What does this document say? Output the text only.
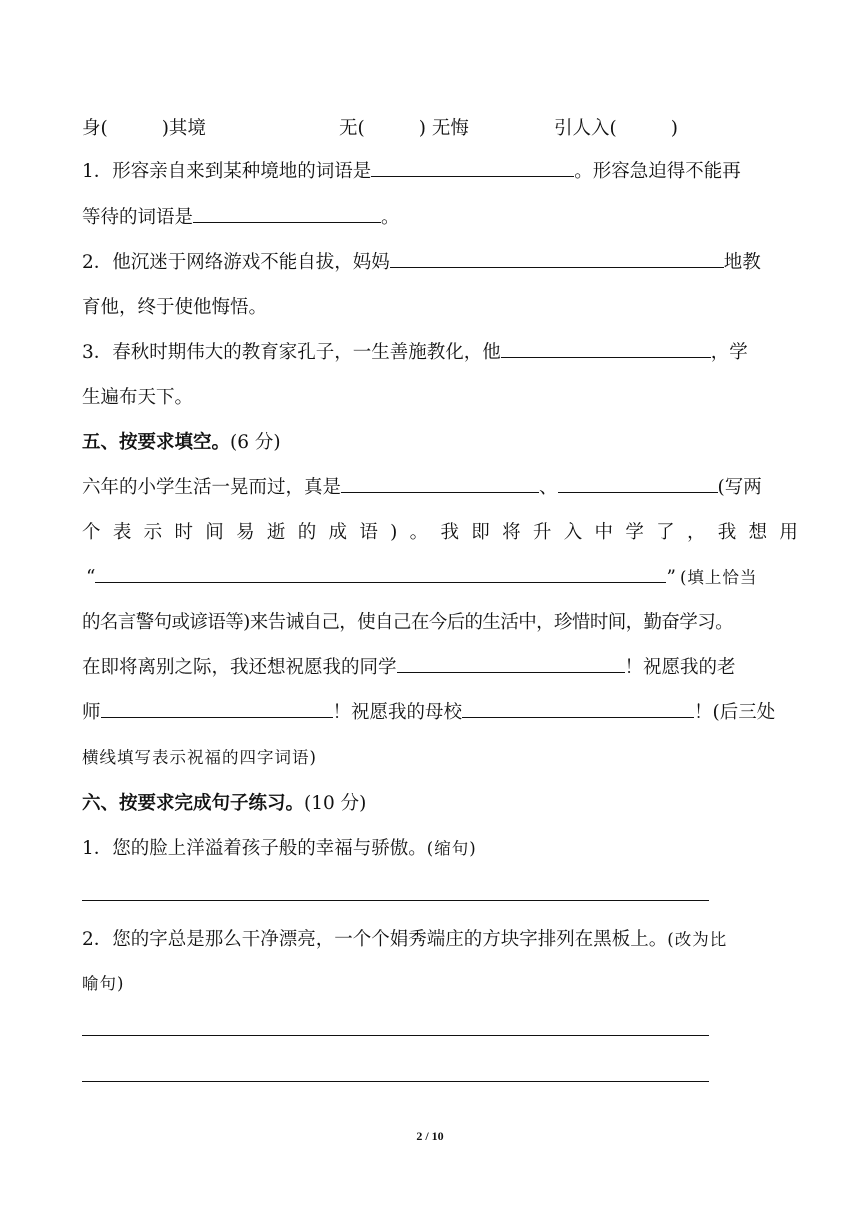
身(	)其境	无(	) 无悔	引人入(	)
1．形容亲自来到某种境地的词语是	。形容急迫得不能再
等待的词语是	。
2．他沉迷于网络游戏不能自拔，妈妈	地教
育他，终于使他悔悟。
3．春秋时期伟大的教育家孔子，一生善施教化，他	，学
生遍布天下。
五、按要求填空。(6 分)
六年的小学生活一晃而过，真是	、	(写两
个 表 示 时 间 易 逝 的 成 语 ) 。 我 即 将 升 入 中 学 了 ， 我 想 用
“	” (填上恰当
的名言警句或谚语等)来告诫自己，使自己在今后的生活中，珍惜时间，勤奋学习。
在即将离别之际，我还想祝愿我的同学	！祝愿我的老
师	！祝愿我的母校	！(后三处
横线填写表示祝福的四字词语)
六、按要求完成句子练习。(10 分)
1．您的脸上洋溢着孩子般的幸福与骄傲。(缩句)
2．您的字总是那么干净漂亮，一个个娟秀端庄的方块字排列在黑板上。(改为比
喻句)
2 / 10
